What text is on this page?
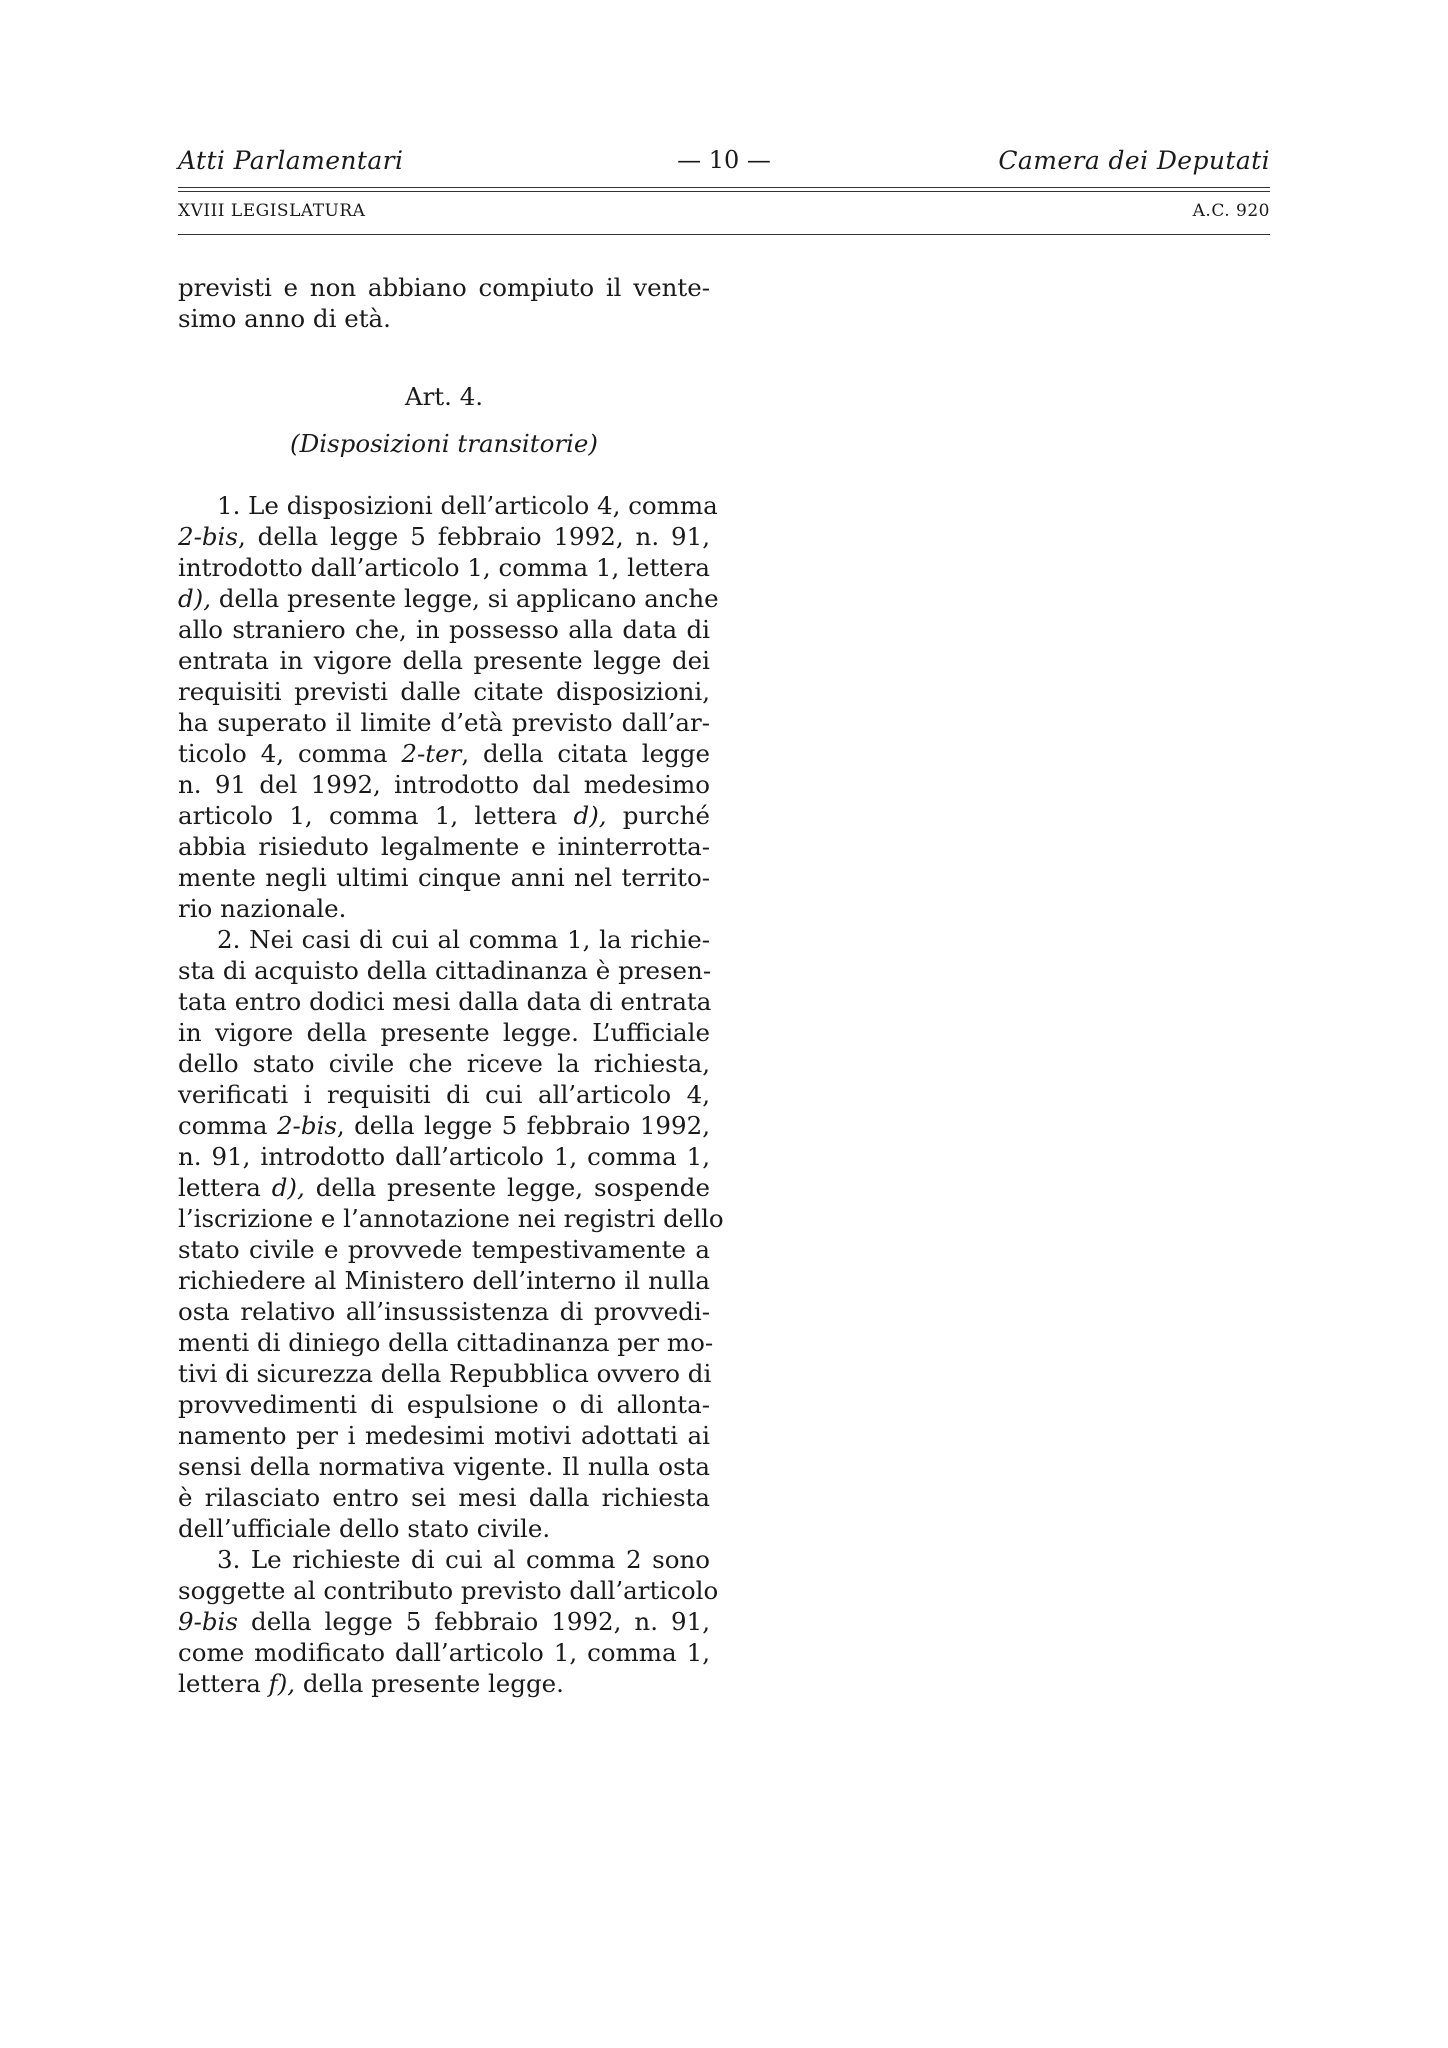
Atti Parlamentari	— 10 —	Camera dei Deputati
XVIII LEGISLATURA	A.C. 920
previsti e non abbiano compiuto il vente-
simo anno di età.
Art. 4.
(Disposizioni transitorie)
1. Le disposizioni dell’articolo 4, comma
2-bis, della legge 5 febbraio 1992, n. 91,
introdotto dall’articolo 1, comma 1, lettera
d), della presente legge, si applicano anche
allo straniero che, in possesso alla data di
entrata in vigore della presente legge dei
requisiti previsti dalle citate disposizioni,
ha superato il limite d’età previsto dall’ar-
ticolo 4, comma 2-ter, della citata legge
n. 91 del 1992, introdotto dal medesimo
articolo 1, comma 1, lettera d), purché
abbia risieduto legalmente e ininterrotta-
mente negli ultimi cinque anni nel territo-
rio nazionale.
2. Nei casi di cui al comma 1, la richie-
sta di acquisto della cittadinanza è presen-
tata entro dodici mesi dalla data di entrata
in vigore della presente legge. L’ufficiale
dello stato civile che riceve la richiesta,
verificati i requisiti di cui all’articolo 4,
comma 2-bis, della legge 5 febbraio 1992,
n. 91, introdotto dall’articolo 1, comma 1,
lettera d), della presente legge, sospende
l’iscrizione e l’annotazione nei registri dello
stato civile e provvede tempestivamente a
richiedere al Ministero dell’interno il nulla
osta relativo all’insussistenza di provvedi-
menti di diniego della cittadinanza per mo-
tivi di sicurezza della Repubblica ovvero di
provvedimenti di espulsione o di allonta-
namento per i medesimi motivi adottati ai
sensi della normativa vigente. Il nulla osta
è rilasciato entro sei mesi dalla richiesta
dell’ufficiale dello stato civile.
3. Le richieste di cui al comma 2 sono
soggette al contributo previsto dall’articolo
9-bis della legge 5 febbraio 1992, n. 91,
come modificato dall’articolo 1, comma 1,
lettera f), della presente legge.
